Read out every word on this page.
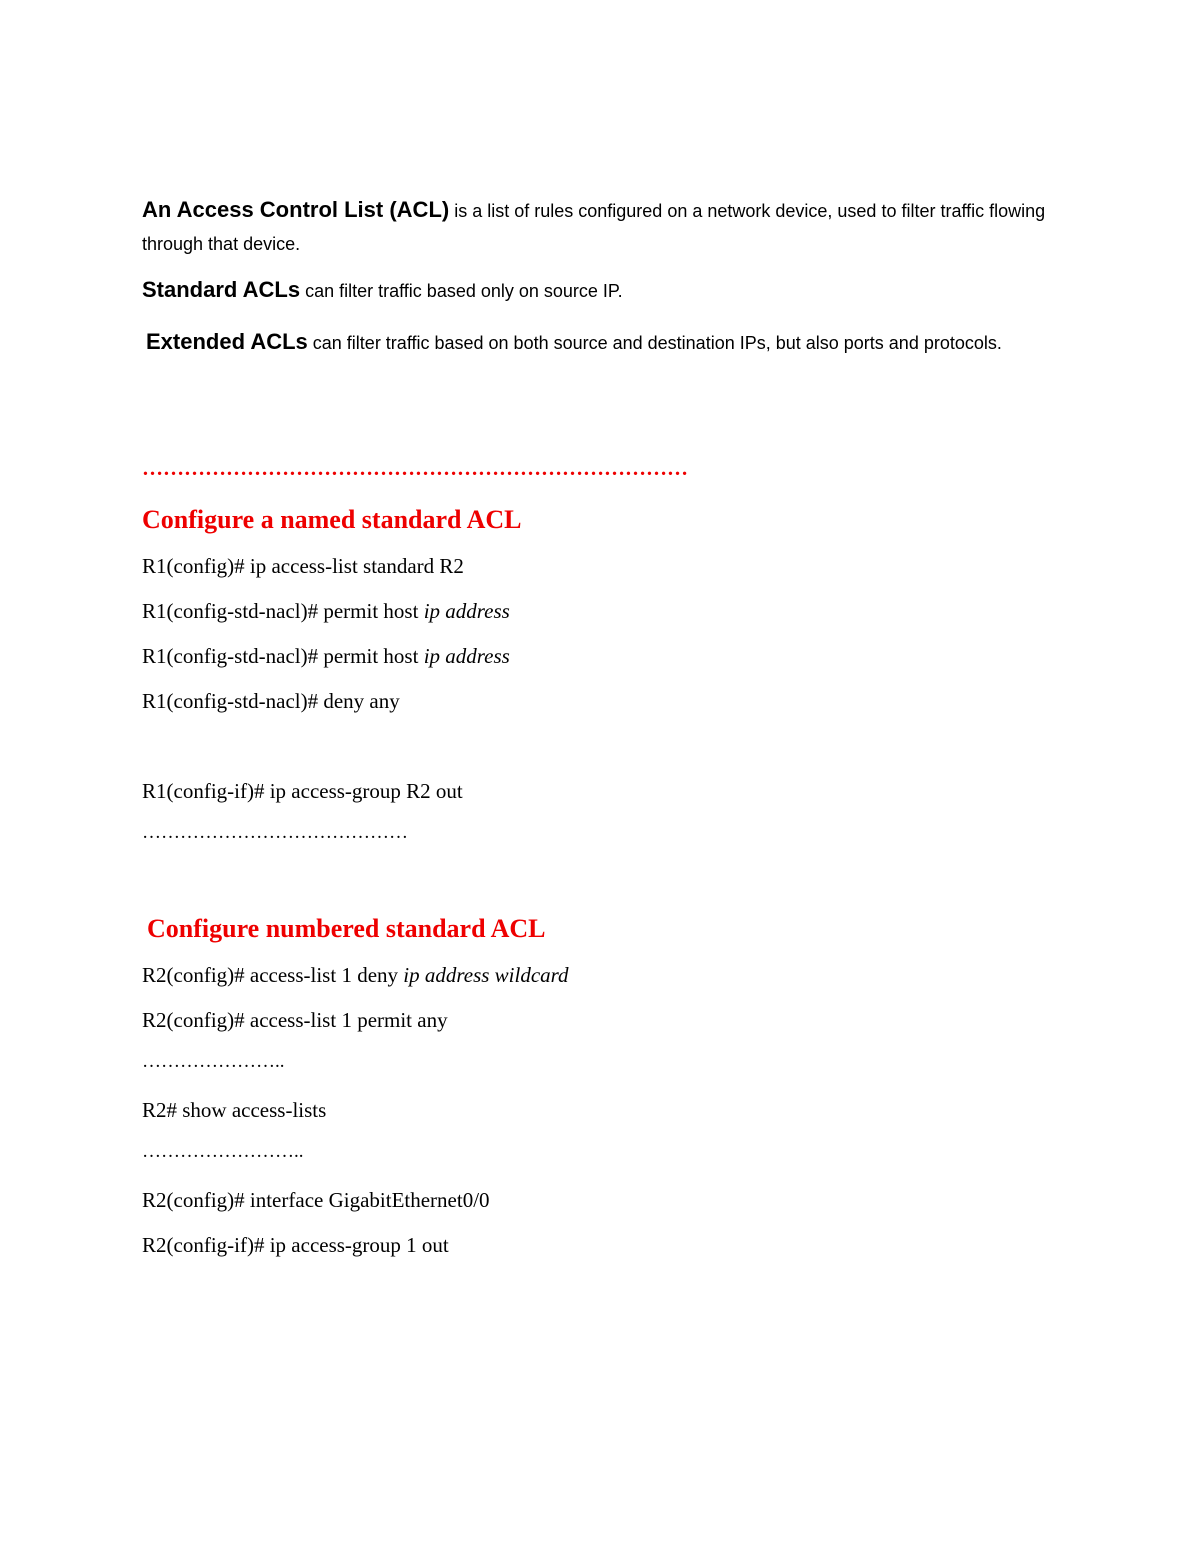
An Access Control List (ACL) is a list of rules configured on a network device, used to filter traffic flowing through that device.
Standard ACLs can filter traffic based only on source IP.
Extended ACLs can filter traffic based on both source and destination IPs, but also ports and protocols.
……………………………………………………………………
Configure a named standard ACL
R1(config)# ip access-list standard R2
R1(config-std-nacl)# permit host ip address
R1(config-std-nacl)# permit host ip address
R1(config-std-nacl)# deny any
R1(config-if)# ip access-group R2 out
……………………………………
Configure numbered standard ACL
R2(config)# access-list 1 deny ip address wildcard
R2(config)# access-list 1 permit any
…………………..
R2# show access-lists
……………………..
R2(config)# interface GigabitEthernet0/0
R2(config-if)# ip access-group 1 out
